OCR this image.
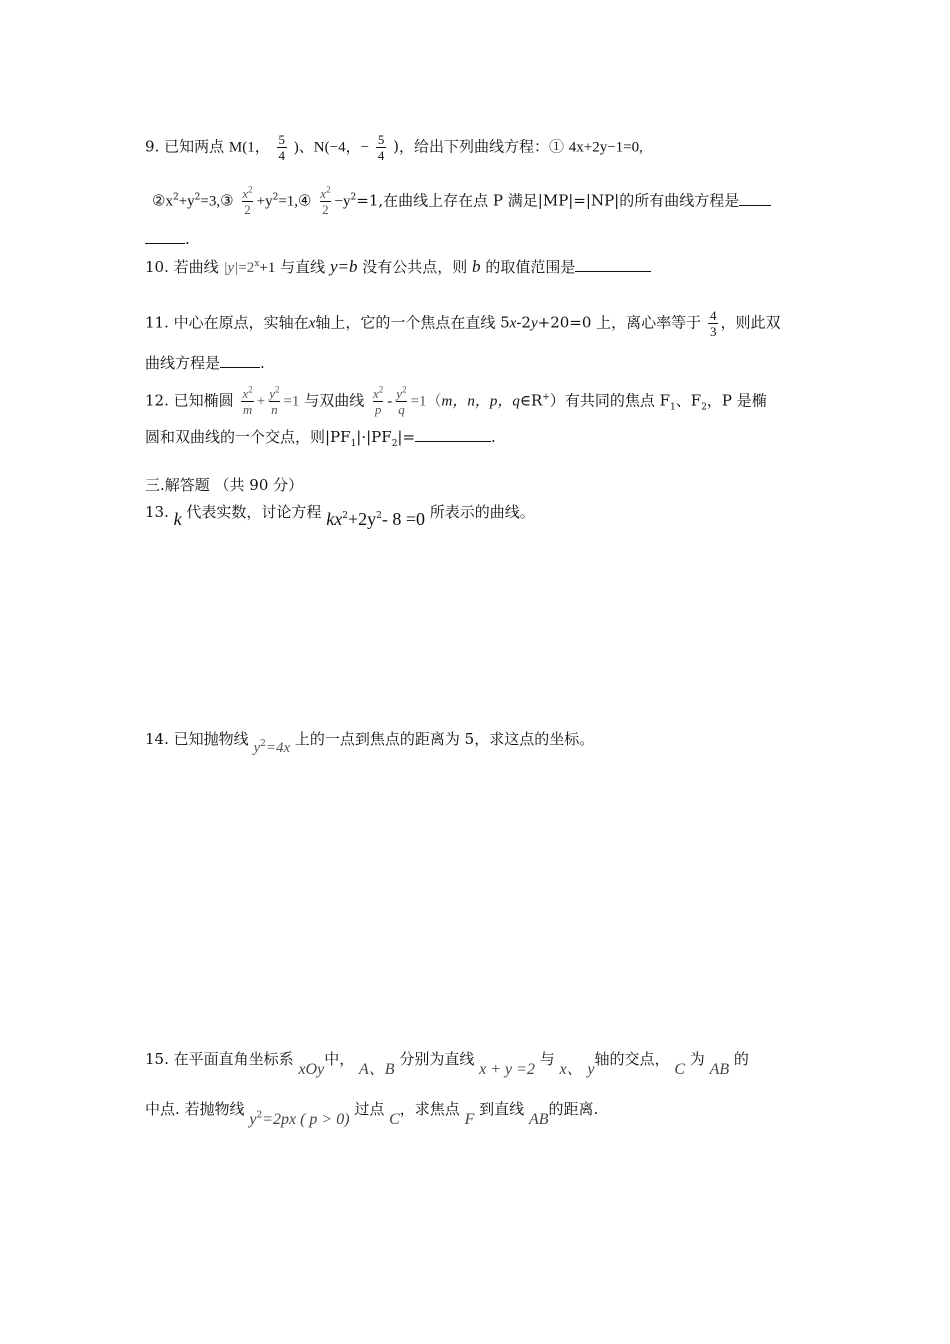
9. 已知两点 M(1， $\frac{5}{4}$ )、N(−4，− $\frac{5}{4}$ )，给出下列曲线方程：① 4x+2y−1=0,
$②x^2+y^2=3,③ \frac{x^2}{2}$ $+y^2=1,④ \frac{x^2}{2} -y^2=1$,在曲线上存在点 P 满足|MP|=|NP|的所有曲线方程是
.
10. 若曲线 $|y|=2^x+1$ 与直线 y=b 没有公共点，则 b 的取值范围是
11. 中心在原点，实轴在x轴上，它的一个焦点在直线 5x-2y+20=0 上，离心率等于 $\frac{4}{3}$ ，则此双
曲线方程是	.
12. 已知椭圆 $\frac{x^2}{m} + \frac{y^2}{n} =1$ 与双曲线 $\frac{x^2}{p} - \frac{y^2}{q} =1(m$，n，p，q∈R+）有共同的焦点 $F_1$、$F_2$，P 是椭
圆和双曲线的一个交点，则$|PF_1|\cdot|PF_2|=$	.
三.解答题 （共 90 分）
13. k 代表实数，讨论方程 $kx^2+2y^2-$ 8 =0 所表示的曲线。
14. 已知抛物线 $y^2=4x$ 上的一点到焦点的距离为 5，求这点的坐标。
15. 在平面直角坐标系 xOy中， A、B 分别为直线 x + y =2 与 x、 y轴的交点， C 为 AB 的
中点. 若抛物线 $y^2=2px$ ( p > 0) 过点 C，求焦点 F 到直线 AB的距离.
